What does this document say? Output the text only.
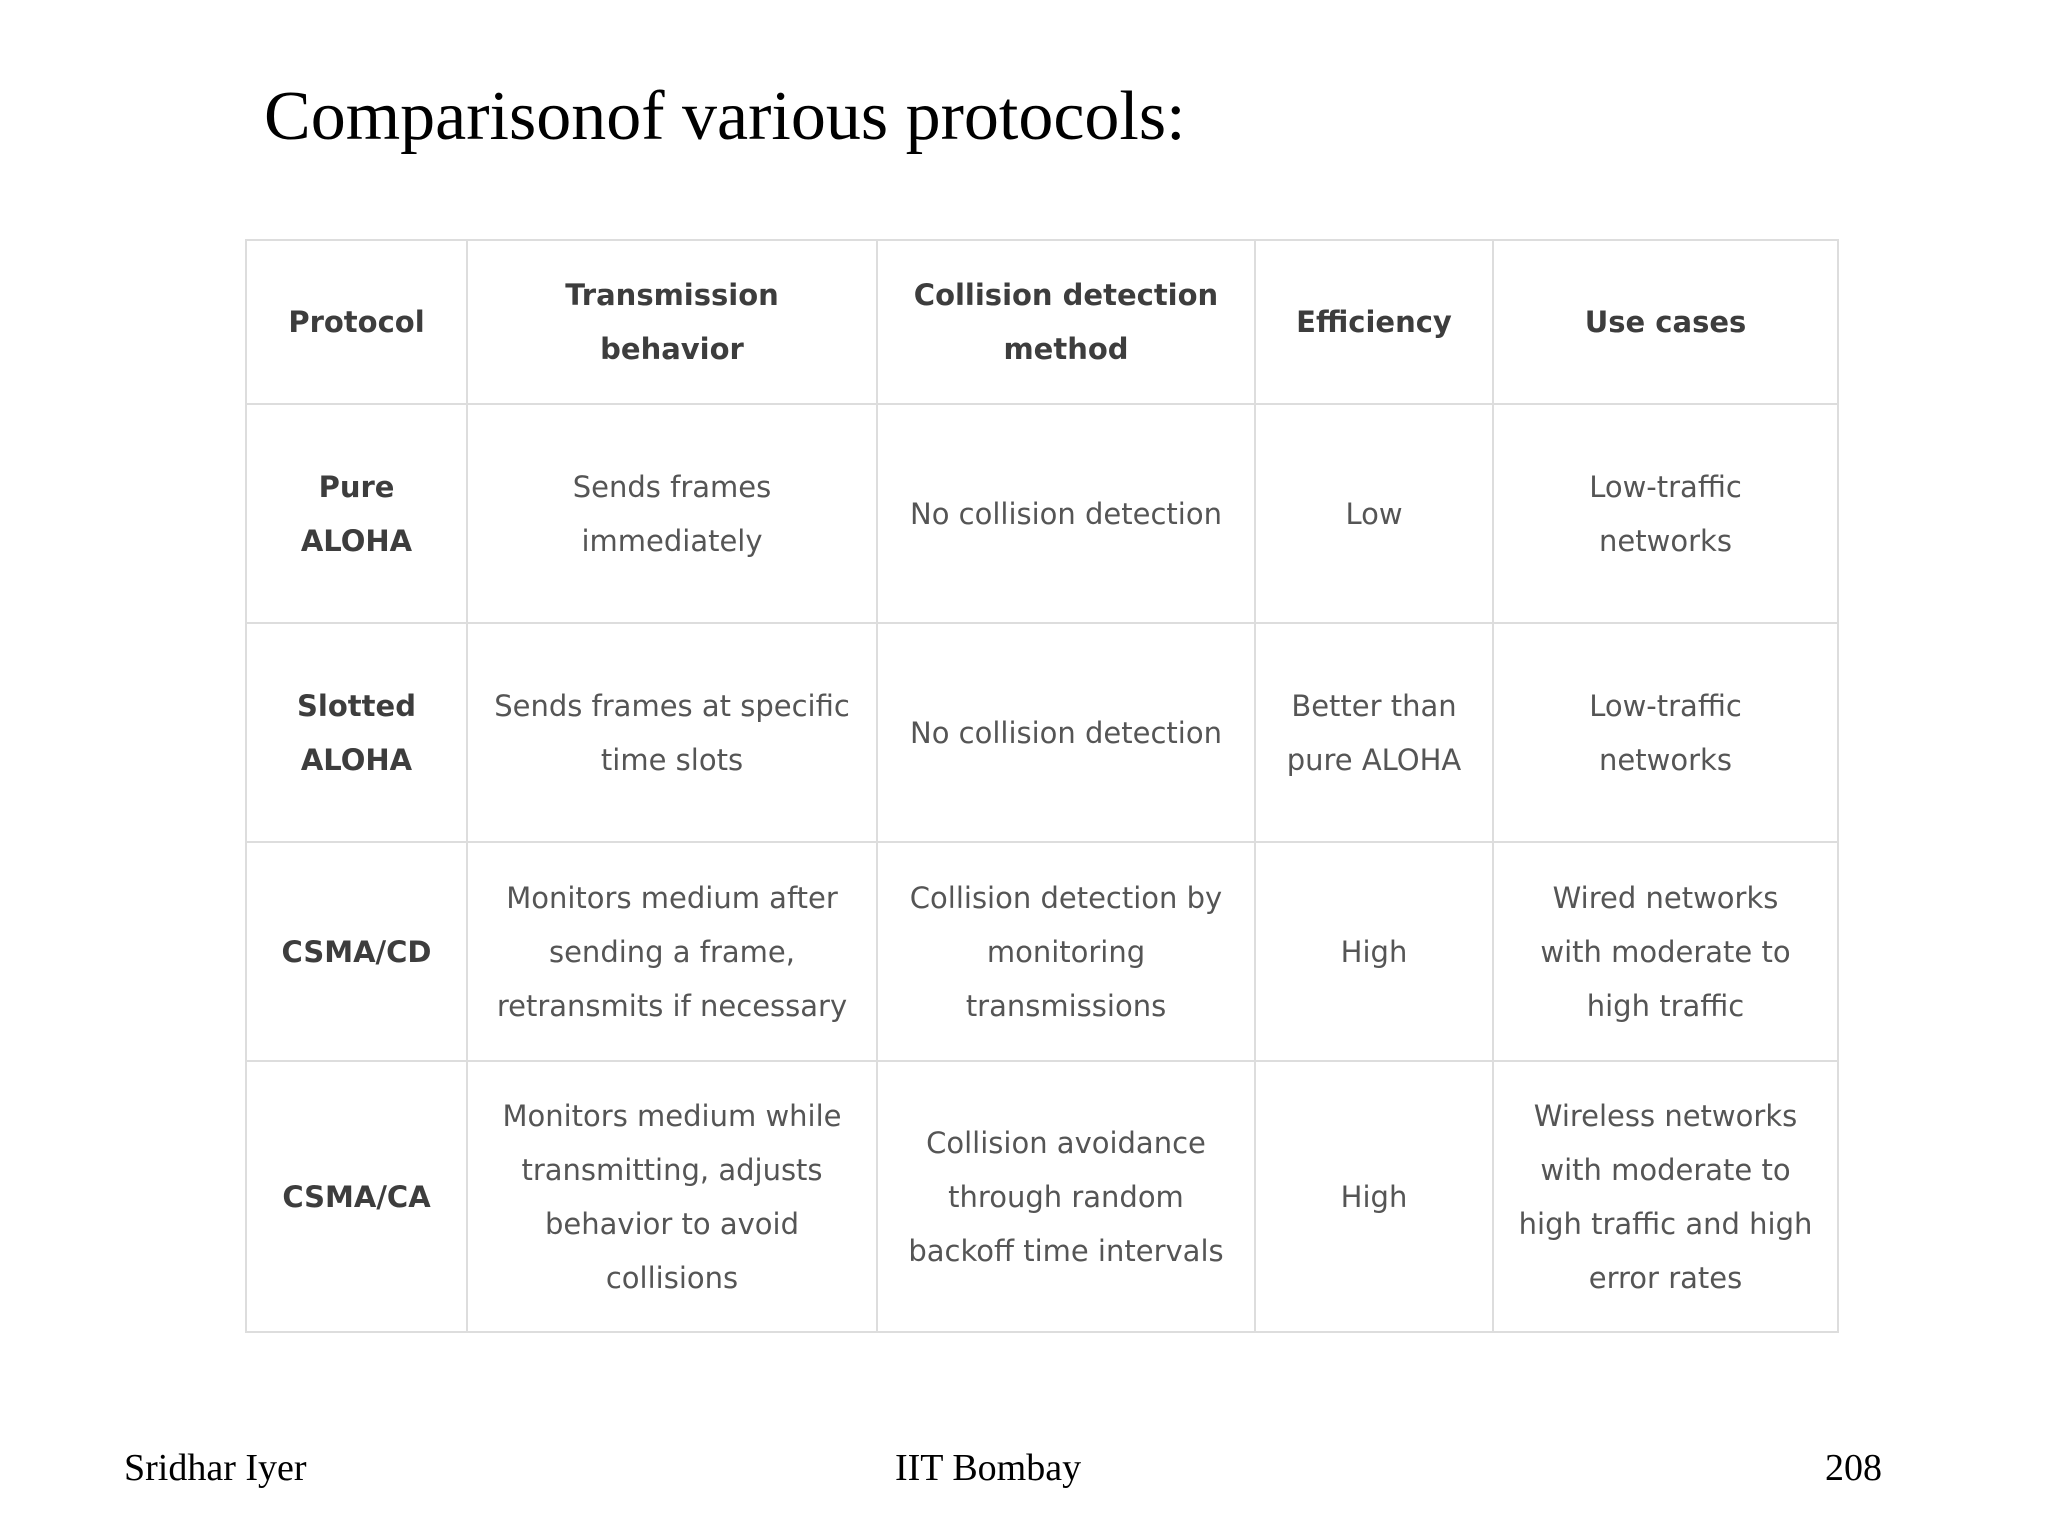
Comparisonof various protocols:
Protocol	Transmission behavior	Collision detection method	Efficiency	Use cases
Pure ALOHA	Sends frames immediately	No collision detection	Low	Low-traffic networks
Slotted ALOHA	Sends frames at specific time slots	No collision detection	Better than pure ALOHA	Low-traffic networks
CSMA/CD	Monitors medium after sending a frame, retransmits if necessary	Collision detection by monitoring transmissions	High	Wired networks with moderate to high traffic
CSMA/CA	Monitors medium while transmitting, adjusts behavior to avoid collisions	Collision avoidance through random backoff time intervals	High	Wireless networks with moderate to high traffic and high error rates
Sridhar Iyer	IIT Bombay	208
